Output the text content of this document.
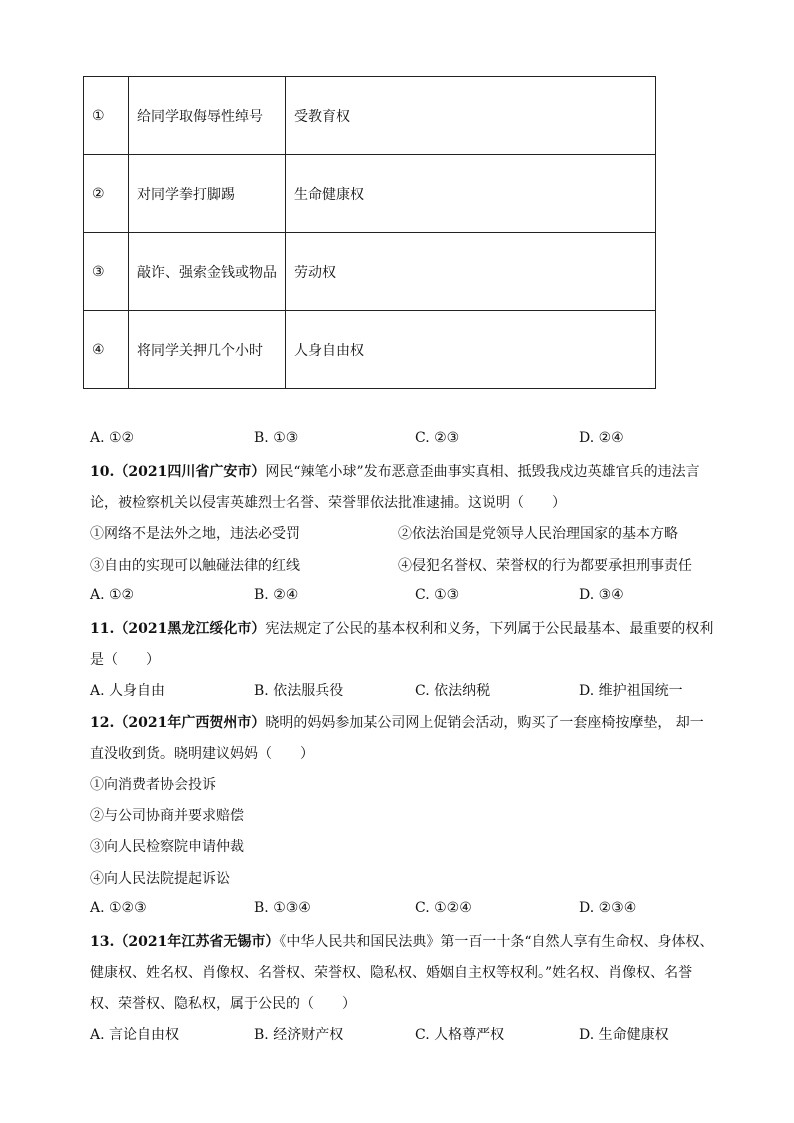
①	给同学取侮辱性绰号	受教育权
②	对同学拳打脚踢	生命健康权
③	敲诈、强索金钱或物品	劳动权
④	将同学关押几个小时	人身自由权
A. ①②	B. ①③	C. ②③	D. ②④
10.（2021四川省广安市）网民“辣笔小球”发布恶意歪曲事实真相、抵毁我戍边英雄官兵的违法言
论，被检察机关以侵害英雄烈士名誉、荣誉罪依法批准逮捕。这说明（　　）
①网络不是法外之地，违法必受罚	②依法治国是党领导人民治理国家的基本方略
③自由的实现可以触碰法律的红线	④侵犯名誉权、荣誉权的行为都要承担刑事责任
A. ①②	B. ②④	C. ①③	D. ③④
11.（2021黑龙江绥化市）宪法规定了公民的基本权利和义务，下列属于公民最基本、最重要的权利
是（　　）
A. 人身自由	B. 依法服兵役	C. 依法纳税	D. 维护祖国统一
12.（2021年广西贺州市）晓明的妈妈参加某公司网上促销会活动，购买了一套座椅按摩垫， 却一
直没收到货。晓明建议妈妈（　　）
①向消费者协会投诉
②与公司协商并要求赔偿
③向人民检察院申请仲裁
④向人民法院提起诉讼
A. ①②③	B. ①③④	C. ①②④	D. ②③④
13.（2021年江苏省无锡市）《中华人民共和国民法典》第一百一十条“自然人享有生命权、身体权、
健康权、姓名权、肖像权、名誉权、荣誉权、隐私权、婚姻自主权等权利。”姓名权、肖像权、名誉
权、荣誉权、隐私权，属于公民的（　　）
A. 言论自由权	B. 经济财产权	C. 人格尊严权	D. 生命健康权
